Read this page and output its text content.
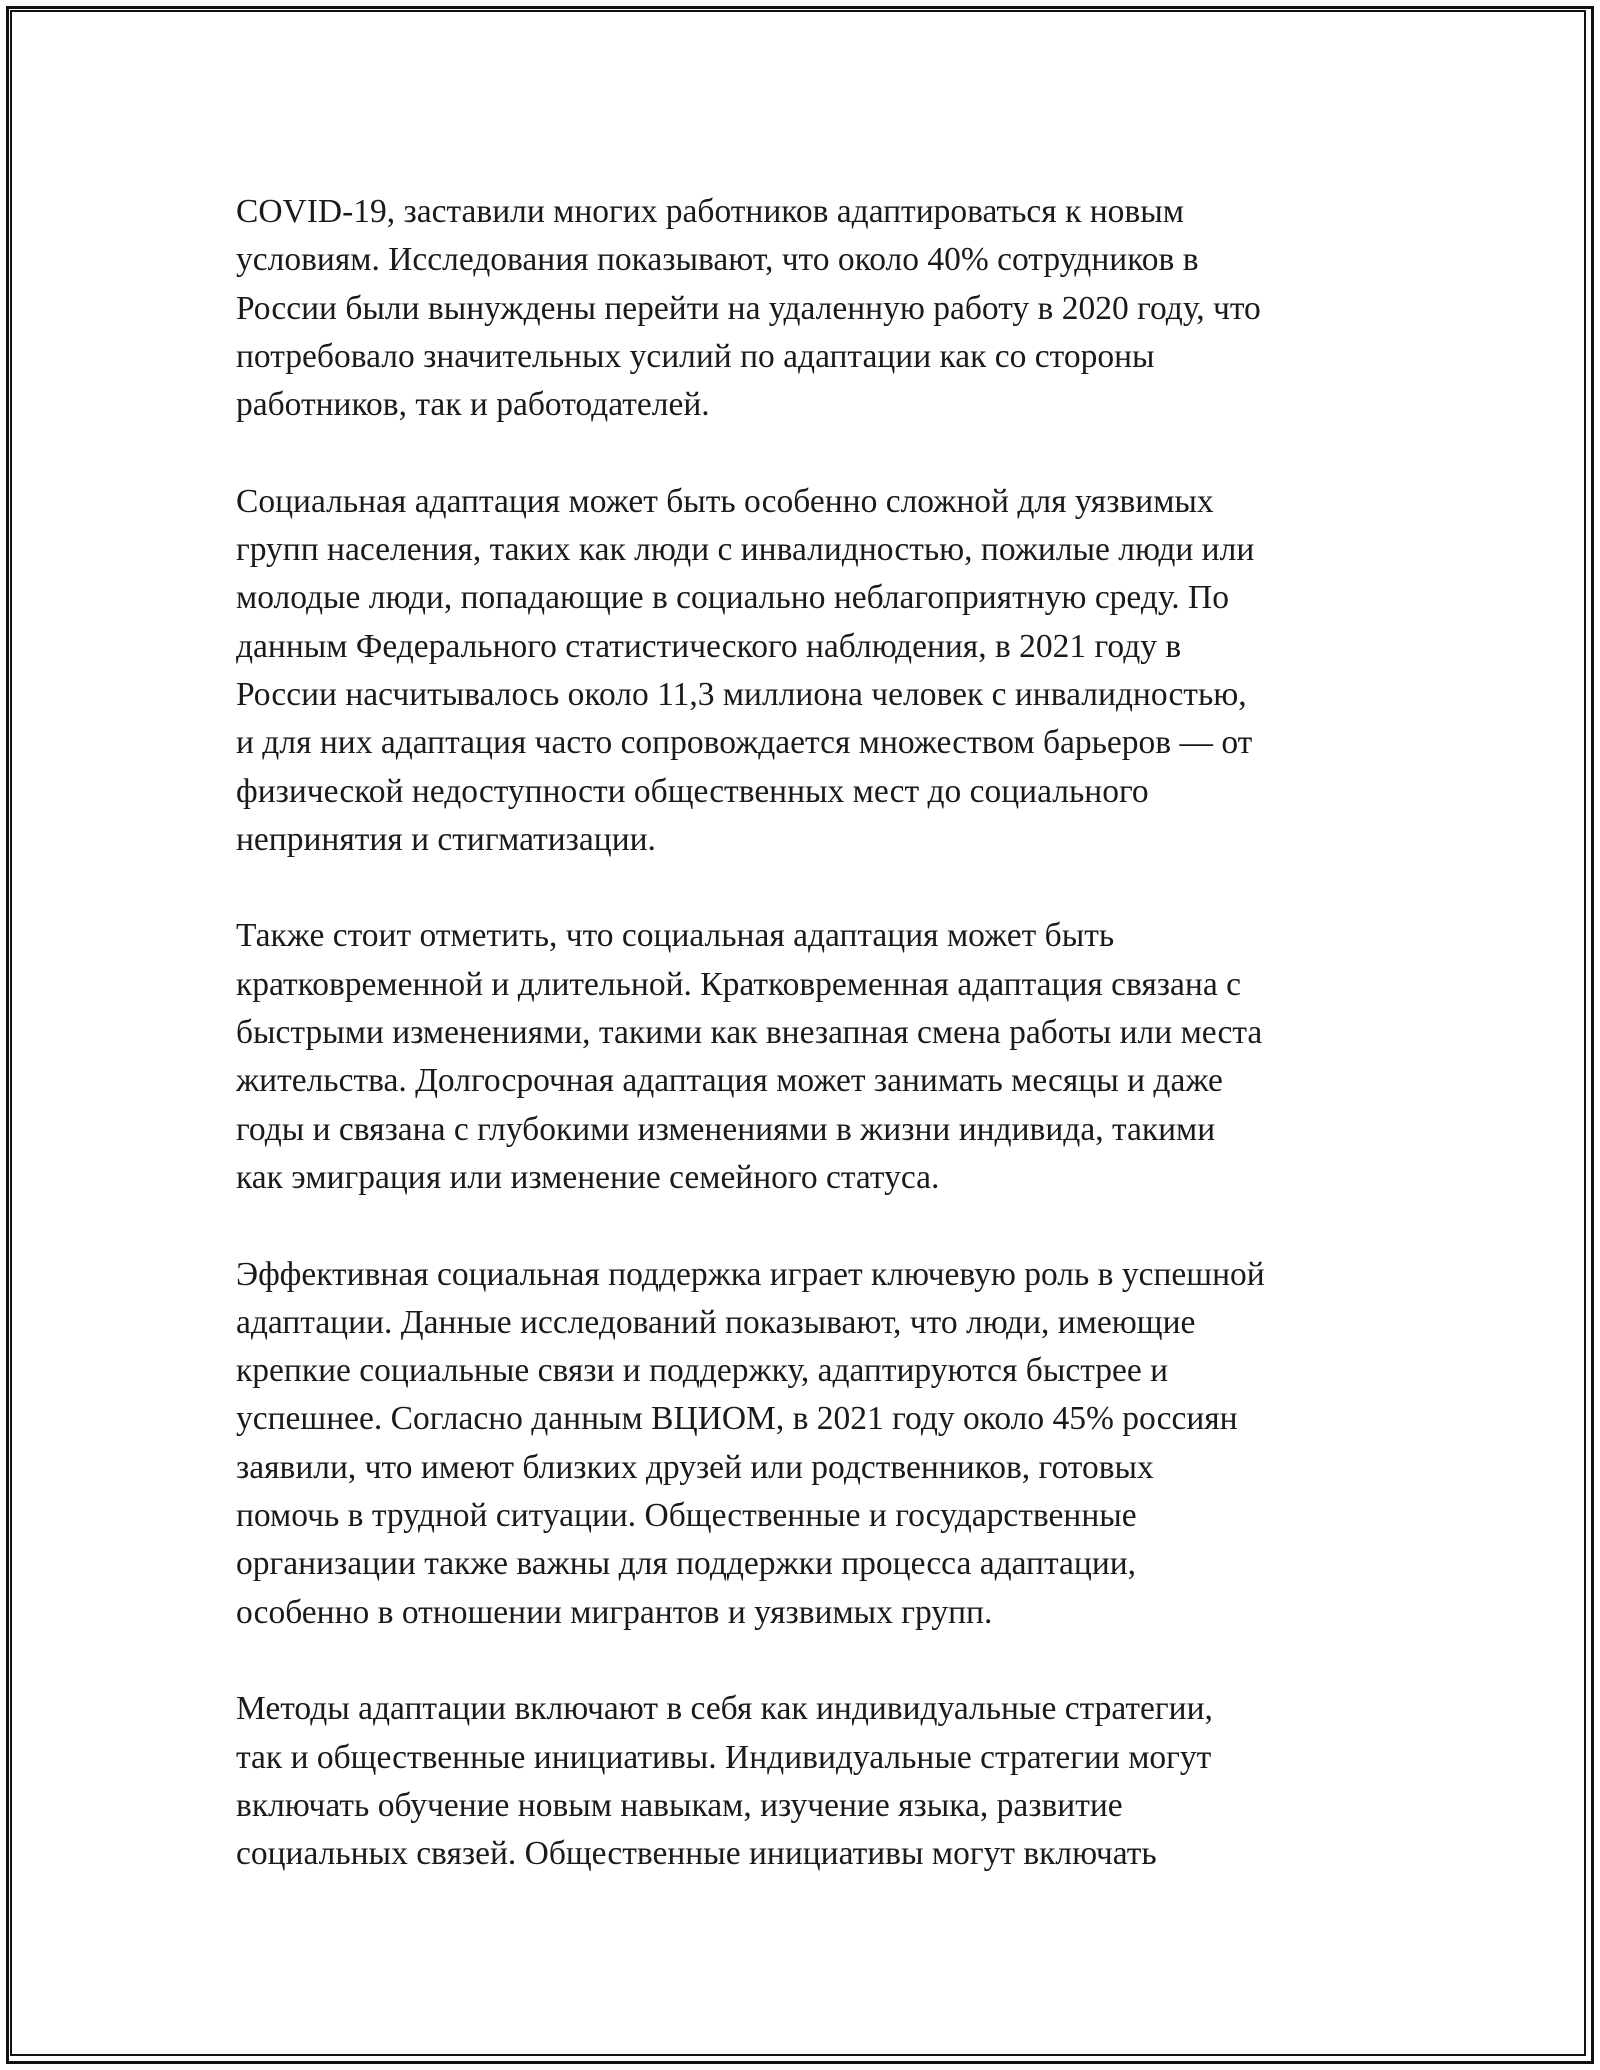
COVID-19, заставили многих работников адаптироваться к новым
условиям. Исследования показывают, что около 40% сотрудников в
России были вынуждены перейти на удаленную работу в 2020 году, что
потребовало значительных усилий по адаптации как со стороны
работников, так и работодателей.

Социальная адаптация может быть особенно сложной для уязвимых
групп населения, таких как люди с инвалидностью, пожилые люди или
молодые люди, попадающие в социально неблагоприятную среду. По
данным Федерального статистического наблюдения, в 2021 году в
России насчитывалось около 11,3 миллиона человек с инвалидностью,
и для них адаптация часто сопровождается множеством барьеров — от
физической недоступности общественных мест до социального
непринятия и стигматизации.

Также стоит отметить, что социальная адаптация может быть
кратковременной и длительной. Кратковременная адаптация связана с
быстрыми изменениями, такими как внезапная смена работы или места
жительства. Долгосрочная адаптация может занимать месяцы и даже
годы и связана с глубокими изменениями в жизни индивида, такими
как эмиграция или изменение семейного статуса.

Эффективная социальная поддержка играет ключевую роль в успешной
адаптации. Данные исследований показывают, что люди, имеющие
крепкие социальные связи и поддержку, адаптируются быстрее и
успешнее. Согласно данным ВЦИОМ, в 2021 году около 45% россиян
заявили, что имеют близких друзей или родственников, готовых
помочь в трудной ситуации. Общественные и государственные
организации также важны для поддержки процесса адаптации,
особенно в отношении мигрантов и уязвимых групп.

Методы адаптации включают в себя как индивидуальные стратегии,
так и общественные инициативы. Индивидуальные стратегии могут
включать обучение новым навыкам, изучение языка, развитие
социальных связей. Общественные инициативы могут включать
